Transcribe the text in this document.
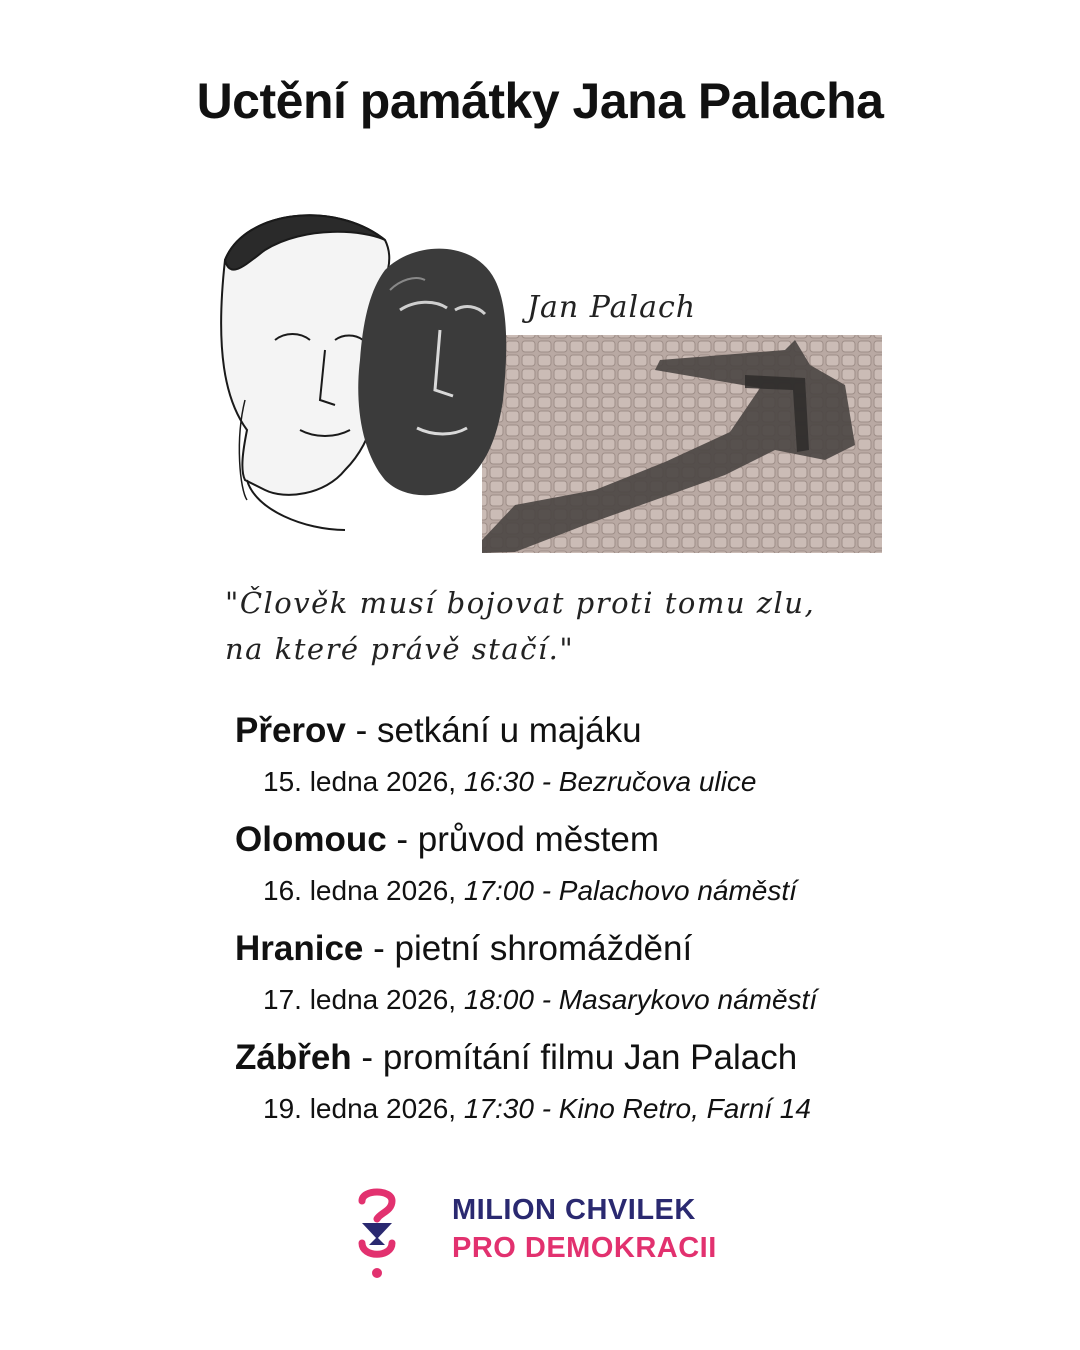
Uctění památky Jana Palacha
Jan Palach
"Člověk musí bojovat proti tomu zlu,
na které právě stačí."
Přerov - setkání u majáku
15. ledna 2026, 16:30 - Bezručova ulice
Olomouc - průvod městem
16. ledna 2026, 17:00 - Palachovo náměstí
Hranice - pietní shromáždění
17. ledna 2026, 18:00 - Masarykovo náměstí
Zábřeh - promítání filmu Jan Palach
19. ledna 2026, 17:30 - Kino Retro, Farní 14
MILION CHVILEK
PRO DEMOKRACII
